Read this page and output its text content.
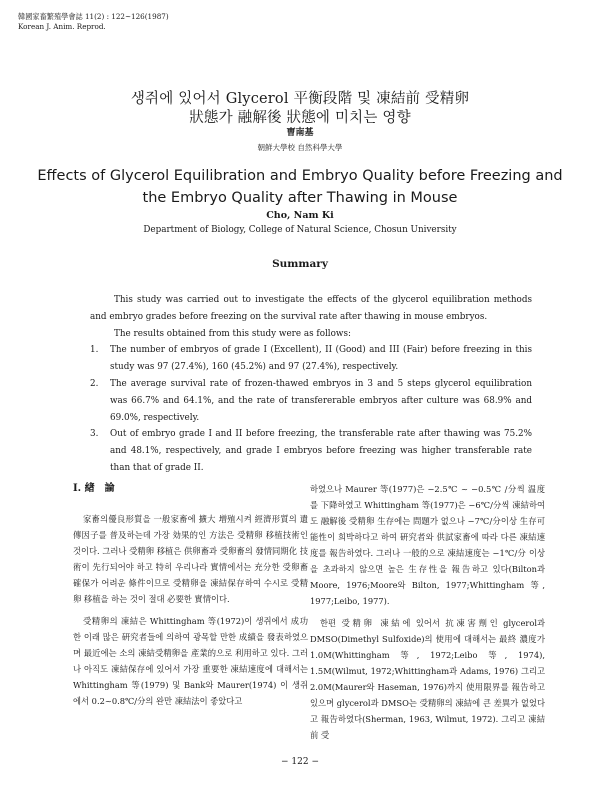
韓國家畜繁殖學會誌 11(2) : 122~126(1987)
Korean J. Anim. Reprod.
생쥐에 있어서 Glycerol 平衡段階 및 凍結前 受精卵
狀態가 融解後 狀態에 미치는 영향
曺南基
朝鮮大學校 自然科學大學
Effects of Glycerol Equilibration and Embryo Quality before Freezing and
the Embryo Quality after Thawing in Mouse
Cho, Nam Ki
Department of Biology, College of Natural Science, Chosun University
Summary

This study was carried out to investigate the effects of the glycerol equilibration methods and embryo grades before freezing on the survival rate after thawing in mouse embryos.

The results obtained from this study were as follows:

1. The number of embryos of grade I (Excellent), II (Good) and III (Fair) before freezing in this study was 97 (27.4%), 160 (45.2%) and 97 (27.4%), respectively.
2. The average survival rate of frozen-thawed embryos in 3 and 5 steps glycerol equilibration was 66.7% and 64.1%, and the rate of transfererable embryos after culture was 68.9% and 69.0%, respectively.
3. Out of embryo grade I and II before freezing, the transferable rate after thawing was 75.2% and 48.1%, respectively, and grade I embryos before freezing was higher transferable rate than that of grade II.
Ⅰ. 緖　論

家畜의優良形質을 一般家畜에 擴大 増殖시켜 經濟形質의 遺傳因子를 普及하는데 가장 効果的인 方法은 受精卵 移植技術인 것이다. 그러나 受精卵 移植은 供卵畜과 受卵畜의 發情同期化 技術이 先行되어야 하고 特히 우리나라 實情에서는 充分한 受卵畜 確保가 어려운 條件이므로 受精卵을 凍結保存하여 수시로 受精卵 移植을 하는 것이 절대 必要한 實情이다.

受精卵의 凍結은 Whittingham 等(1972)이 생쥐에서 成功한 이래 많은 硏究者들에 의하여 광목할 만한 成績을 發表하였으며 最近에는 소의 凍結受精卵을 產業的으로 利用하고 있다. 그러나 아직도 凍結保存에 있어서 가장 重要한 凍結速度에 대해서는 Whittingham 等(1979) 및 Bank와 Maurer(1974) 이 생쥐에서 0.2~0.8℃/分의 완만 凍結法이 좋았다고

하였으나 Maurer 等(1977)은 −2.5℃ ~ −0.5℃ /分씩 温度를 下降하였고 Whittingham 等(1977)은 −6℃/分씩 凍結하여도 融解後 受精卵 生存에는 問題가 없으나 −7℃/分이상 生存可能性이 희박하다고 하여 硏究者와 供試家畜에 따라 다른 凍結速度를 報告하였다. 그러나 一般的으로 凍結速度는 −1℃/分 이상을 초과하지 않으면 높은 生存性을 報告하고 있다(Bilton과 Moore, 1976;Moore와 Bilton, 1977;Whittingham 等, 1977;Leibo, 1977).

한편 受精卵 凍結에 있어서 抗凍害劑인 glycerol과 DMSO(Dimethyl Sulfoxide)의 使用에 대해서는 最終 濃度가 1.0M(Whittingham 等, 1972;Leibo 等, 1974), 1.5M(Wilmut, 1972;Whittingham과 Adams, 1976) 그리고 2.0M(Maurer와 Haseman, 1976)까지 使用限界를 報告하고 있으며 glycerol과 DMSO는 受精卵의 凍結에 큰 差異가 없었다고 報告하였다(Sherman, 1963, Wilmut, 1972). 그리고 凍結前 受

− 122 −
